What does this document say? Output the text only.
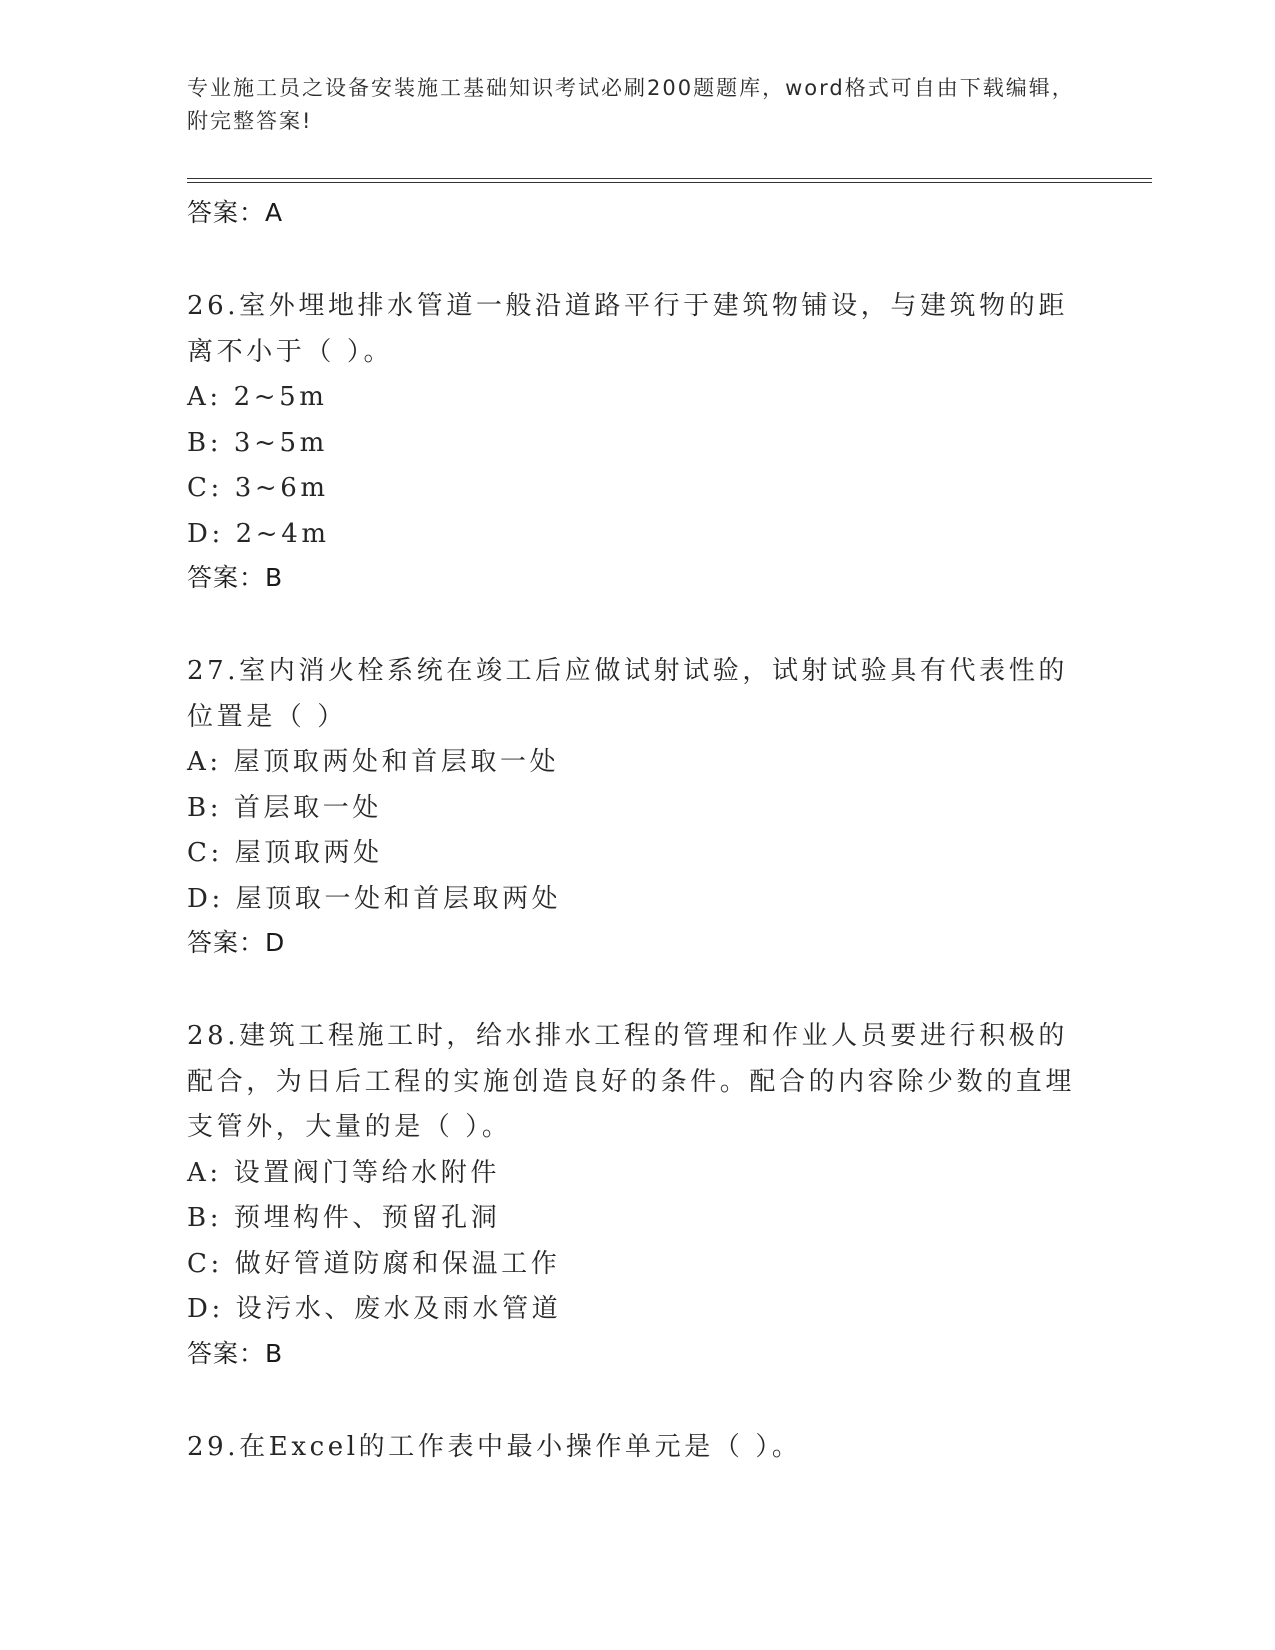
专业施工员之设备安装施工基础知识考试必刷200题题库，word格式可自由下载编辑，附完整答案!
答案：A
26.室外埋地排水管道一般沿道路平行于建筑物铺设，与建筑物的距离不小于（ ）。
A: 2~5m
B: 3~5m
C: 3~6m
D: 2~4m
答案：B
27.室内消火栓系统在竣工后应做试射试验，试射试验具有代表性的位置是（ ）
A: 屋顶取两处和首层取一处
B: 首层取一处
C: 屋顶取两处
D: 屋顶取一处和首层取两处
答案：D
28.建筑工程施工时，给水排水工程的管理和作业人员要进行积极的配合，为日后工程的实施创造良好的条件。配合的内容除少数的直埋支管外，大量的是（ ）。
A: 设置阀门等给水附件
B: 预埋构件、预留孔洞
C: 做好管道防腐和保温工作
D: 设污水、废水及雨水管道
答案：B
29.在Excel的工作表中最小操作单元是（ ）。
